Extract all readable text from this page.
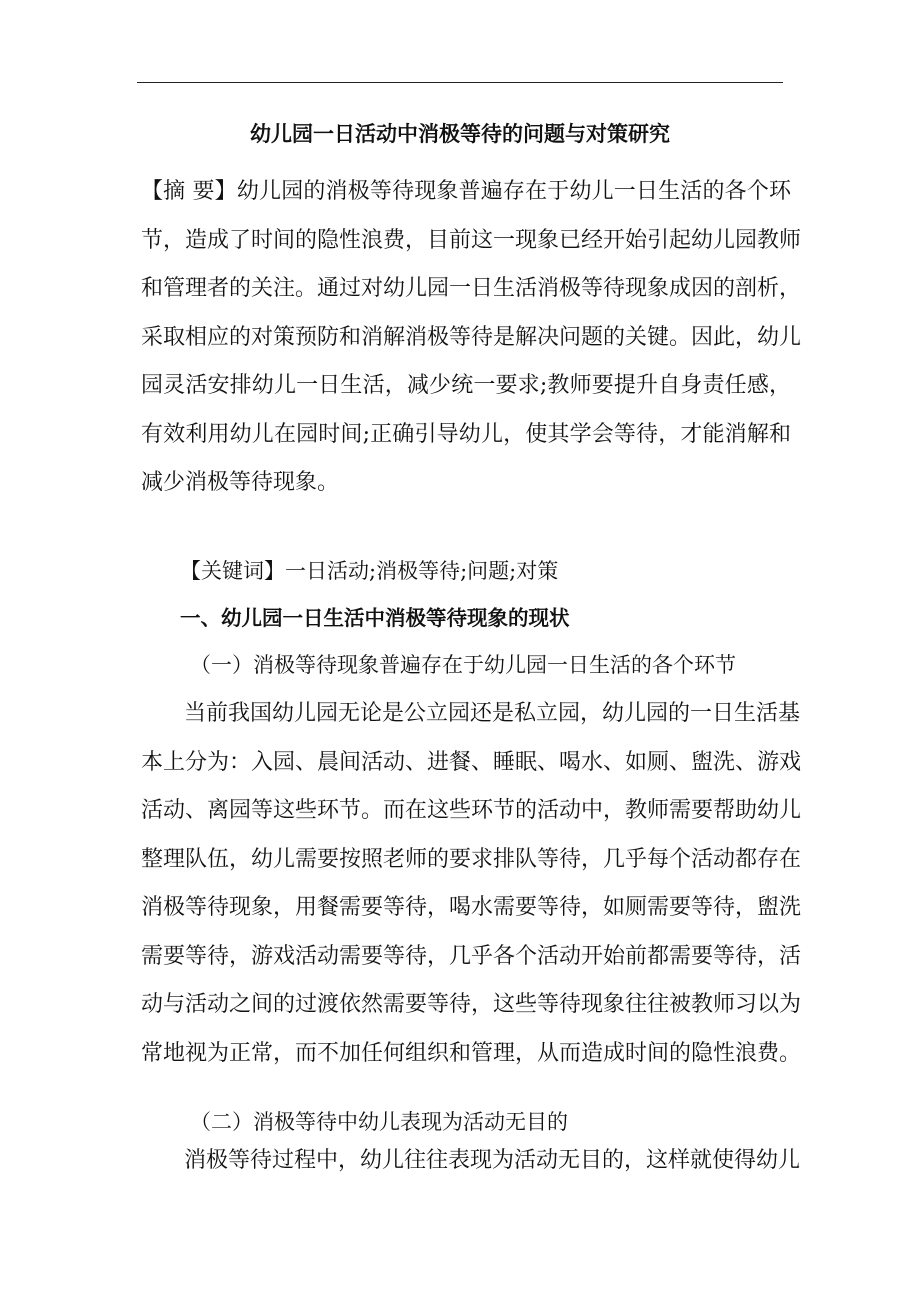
幼儿园一日活动中消极等待的问题与对策研究
【摘 要】幼儿园的消极等待现象普遍存在于幼儿一日生活的各个环
节，造成了时间的隐性浪费，目前这一现象已经开始引起幼儿园教师
和管理者的关注。通过对幼儿园一日生活消极等待现象成因的剖析，
采取相应的对策预防和消解消极等待是解决问题的关键。因此，幼儿
园灵活安排幼儿一日生活，减少统一要求;教师要提升自身责任感，
有效利用幼儿在园时间;正确引导幼儿，使其学会等待，才能消解和
减少消极等待现象。
【关键词】一日活动;消极等待;问题;对策
一、幼儿园一日生活中消极等待现象的现状
（一）消极等待现象普遍存在于幼儿园一日生活的各个环节
当前我国幼儿园无论是公立园还是私立园，幼儿园的一日生活基
本上分为：入园、晨间活动、进餐、睡眠、喝水、如厕、盥洗、游戏
活动、离园等这些环节。而在这些环节的活动中，教师需要帮助幼儿
整理队伍，幼儿需要按照老师的要求排队等待，几乎每个活动都存在
消极等待现象，用餐需要等待，喝水需要等待，如厕需要等待，盥洗
需要等待，游戏活动需要等待，几乎各个活动开始前都需要等待，活
动与活动之间的过渡依然需要等待，这些等待现象往往被教师习以为
常地视为正常，而不加任何组织和管理，从而造成时间的隐性浪费。
（二）消极等待中幼儿表现为活动无目的
消极等待过程中，幼儿往往表现为活动无目的，这样就使得幼儿
